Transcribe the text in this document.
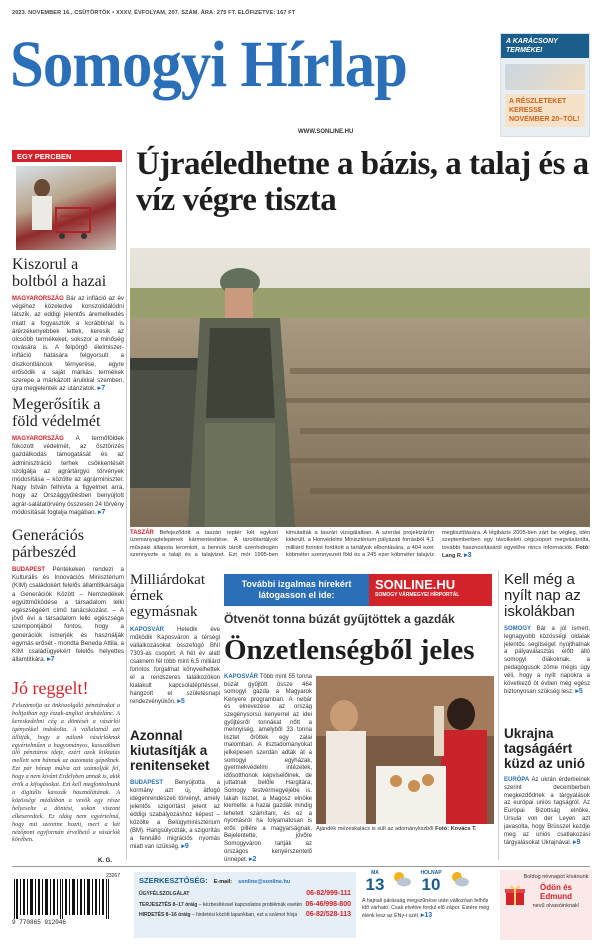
2023. NOVEMBER 16., CSÜTÖRTÖK • XXXV. ÉVFOLYAM, 207. SZÁM. ÁRA: 275 FT. ELŐFIZETVE: 167 FT
Somogyi Hírlap
WWW.SONLINE.HU
A KARÁCSONY TERMÉKEI
A RÉSZLETEKET KERESSE NOVEMBER 20–TÓL!
EGY PERCBEN
Kiszorul a boltból a hazai
MAGYARORSZÁG Bár az infláció az év végéhez közeledve konszolidálódni látszik, az eddigi jelentős áremelkedés miatt a fogyasztók a korábbinál is árérzékenyebbek lettek, keresik az olcsóbb termékeket, sokszor a minőség rovására is. A felpörgő élelmiszer-infláció hatására felgyorsult a diszkontláncok térnyerése, egyre erősödik a saját márkás termékek szerepe a márkázott áruikkal szemben, újra megjelentek az utánzatok. ▸7
Megerősítik a föld védelmét
MAGYARORSZÁG A termőföldek fokozott védelmét, az ösztönzés gazdálkodás támogatását és az adminisztráció terhek csökkentését szolgálja az agrártárgyú törvények módosítása – közölte az agrárminiszter. Nagy István felhívta a figyelmet arra, hogy az Országgyűlésben benyújtott agrár-salátatörvény összesen 24 törvény módosítását foglalja magában. ▸7
Generációs párbeszéd
BUDAPEST Péntekeken rendezi a Kulturális és Innovációs Minisztérium (KIM) családokért felelős államtitkársága a Generációk Között – Nemzedékek együttműködése a társadalom lelki egészségéért című tanácskozást. – A jövő évi a társadalom lelki egészsége szempontjából fontos, hogy a generációk ismerjék és használják egymás erősét - mondta Beneda Attila, a KIM családügyekért felelős helyettes államtitkára. ▸7
Újraéledhetne a bázis, a talaj és a víz végre tiszta
TASZÁR Befejeződött a taszári reptér két egykori üzemanyagtelepének kármentesítése. A tárolótartályok műszaki állapota leromlott, a bennük tárolt szénhidrogén szennyezte a talajt és a talajvizet. Ezt mór 1995-ben kimutatták a taszári vizsgálatban. A szerdai projektzárón kiderült, a Honvédelmi Minisztérium pályázati forrásból 4,1 milliárd forintot fordított a tartályok elbontására, a 404 ezer köbméter szennyezett föld és a 245 ezer köbméter talajvíz megtisztítására. A légibázis 2005-ben zárt be végleg, idén szeptemberben egy távolkeleti cégcsoport megvásárolta, további hasznosításáról egyelőre nincs információk. Fotó: Lang R. ▸3
Milliárdokat érnek egymásnak
KAPOSVÁR Hetedik éve működik Kaposváron a térségi vállalkozásokat összefogó BNI 7303-as csoport. A hét év alatt csaknem fél több mint 6,5 milliárd forintos forgalmat könyvelhettek el a rendszeres találkozókon kialakult kapcsolatépítéssel, hangzott el születésnapi rendezvényükön. ▸5
Azonnal kiutasítják a renitenseket
BUDAPEST Benyújtotta a kormány azt új, átfogó idegenrendészeti törvényt, amely jelentős szigorítást jelent az eddigi szabályozáshoz képest – közölte a Belügyminisztérium (BM). Hangsúlyozták, a szigorítás a fennálló migrációs nyomás miatt van szükség. ▸9
További izgalmas hírekért látogasson el ide:
SONLINE.HU
SOMOGY VÁRMEGYEI HÍRPORTÁL
Ötvenöt tonna búzát gyűjtöttek a gazdák
Önzetlenségből jeles
KAPOSVÁR Több mint 55 tonna búzát gyűjtött össze 464 somogyi gazda a Magyarok Kenyere programban. A nebár és elnevezése az ország szegénysorsú kenyerrel az idei gyűjtésről tonnákat nőtt a mennyiség, amelyből 33 tonna lisztet őröltek egy zalai malomban. A lisztadományokat jelképesen szerdán adták át a somogyi egyházak, gyermekvédelmi intézetek, idősotthonok képviselőinek, de juttatnak belőle Hargitára, Somogy testvérmegyéjébe is. lakah lisztet, a Magosz elnöke kiemelte: a hazai gazdák mindig lehetett számítani, és ez a nyomásról ha folyamatosan is erős pillére a magyarságnak. Bejelentette, jövőre Somogyváron tartják az országos kenyérszentelő ünnepet. ▸2
Ajándék mézeskalács is sült az adományliszből Fotó: Kovács T.
Kell még a nyílt nap az iskolákban
SOMOGY Bár a jól ismert, legnagyobb közösségi oldalak jelentős segítséget nyújthatnak a pályaválasztás előtt álló somogyi diákoknak, a pedagógusok zöme mégis úgy véli, hogy a nyílt napokra a következő öt évben még egész biztonyosan szükség lesz. ▸5
Ukrajna tagságáért küzd az unió
EURÓPA Az ukrán érdemeinek szerint decemberben megkezdődnek a tárgyalások az európai uniós tagságról. Az Európai Bizottság elnöke, Ursula von der Leyen azt javasolta, hogy Brüsszel kezdje meg az uniós csatlakozási tárgyalásokat Ukrajnával. ▸9
Jó reggelt!
Felszámolja az önkiszolgáló pénztárakat a boltjaiban egy észak-angliai áruházlánc. A kereskedelmi cég a döntését a vásárlói igényekkel indokolta. A vállalatnál azt állítják, hogy a nálunk vásárlóknak egyértelműen a hagyományos, kasszákban ülő pénztáros ideje, ezért azok kiiktatás mellett sem bánnak az automata gépeknek. Ezt pár hónap múlva azt számolják fel, hogy a nem kívánt Erdélyben annak is, akik értik a kifogásokat. Ezt kell megfontolnunk a digitális kasszák használatának. A közösségi médiában a vevők egy része helyeselte a döntést, sokan viszont elkeseredtek. Ez idáig nem egyértelmű, hogy mit szeretne hozni, mert a két nézőpont egyformán érvelhető a vásárlók körében.
K. G.
23267
9 770865 912046
SZERKESZTŐSÉG: E-mail: sonline@sonline.hu
ÜGYFÉLSZOLGÁLAT	06-82/999-111
TERJESZTÉS 8–17 óráig – kézbesítéssel kapcsolatos problémák esetén 06-46/998-800
HIRDETÉS 8–16 óráig – hirdetési között lapunkban, ezt a számot hívja 06-82/528-113
MA
13
HOLNAP
10
A hajnali párásság megszűnése után változóan felhős idő várható. Csak elvétve fordul elő zápor. Estére még élénk lesz az ÉNy-i szél. ▸13
Boldog névnapot kívánunk
Ödön és Edmund
nevű olvasóinknak!
